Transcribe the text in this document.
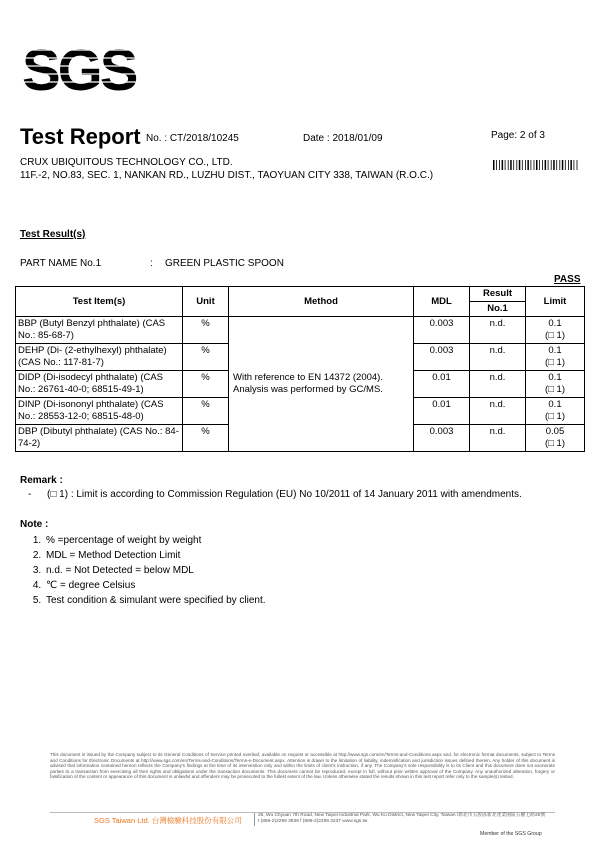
SGS
Test Report No. : CT/2018/10245	Date : 2018/01/09	Page: 2 of 3
CRUX UBIQUITOUS TECHNOLOGY CO., LTD.
11F.-2, NO.83, SEC. 1, NANKAN RD., LUZHU DIST., TAOYUAN CITY 338, TAIWAN (R.O.C.)
Test Result(s)
PART NAME No.1	: GREEN PLASTIC SPOON
PASS
Test Item(s)	Unit	Method	MDL	Result	Limit
				No.1	
BBP (Butyl Benzyl phthalate) (CAS No.: 85-68-7)	%	With reference to EN 14372 (2004). Analysis was performed by GC/MS.	0.003	n.d.	0.1
(□ 1)
DEHP (Di- (2-ethylhexyl) phthalate) (CAS No.: 117-81-7)	%		0.003	n.d.	0.1
(□ 1)
DIDP (Di-isodecyl phthalate) (CAS No.: 26761-40-0; 68515-49-1)	%		0.01	n.d.	0.1
(□ 1)
DINP (Di-isononyl phthalate) (CAS No.: 28553-12-0; 68515-48-0)	%		0.01	n.d.	0.1
(□ 1)
DBP (Dibutyl phthalate) (CAS No.: 84-74-2)	%		0.003	n.d.	0.05
(□ 1)
Remark :
- (□ 1) : Limit is according to Commission Regulation (EU) No 10/2011 of 14 January 2011 with amendments.
Note :
1. % =percentage of weight by weight
2. MDL = Method Detection Limit
3. n.d. = Not Detected = below MDL
4. ℃ = degree Celsius
5. Test condition & simulant were specified by client.
This document is issued by the Company subject to its General Conditions of Service printed overleaf, available on request or accessible at http://www.sgs.com/en/Terms-and-Conditions.aspx and, for electronic format documents, subject to Terms and Conditions for Electronic Documents at http://www.sgs.com/en/Terms-and-Conditions/Terms-e-Document.aspx. Attention is drawn to the limitation of liability, indemnification and jurisdiction issues defined therein. Any holder of this document is advised that information contained hereon reflects the Company's findings at the time of its intervention only and within the limits of client's instruction, if any. The Company's sole responsibility is to its Client and this document does not exonerate parties to a transaction from exercising all their rights and obligations under the transaction documents. This document cannot be reproduced, except in full, without prior written approval of the Company. Any unauthorized alteration, forgery or falsification of the content or appearance of this document is unlawful and offenders may be prosecuted to the fullest extent of the law. Unless otherwise stated the results shown in this test report refer only to the sample(s) tested.
SGS Taiwan Ltd. 台灣檢驗科技股份有限公司
25, Wu Chyuan 7th Road, New Taipei Industrial Park, Wu Ku District, New Taipei City, Taiwan /新北市五股區新北產業園區五權七路25號
t (886-2)2299 3939 f (886-2)2299 3237 www.sgs.tw
Member of the SGS Group
